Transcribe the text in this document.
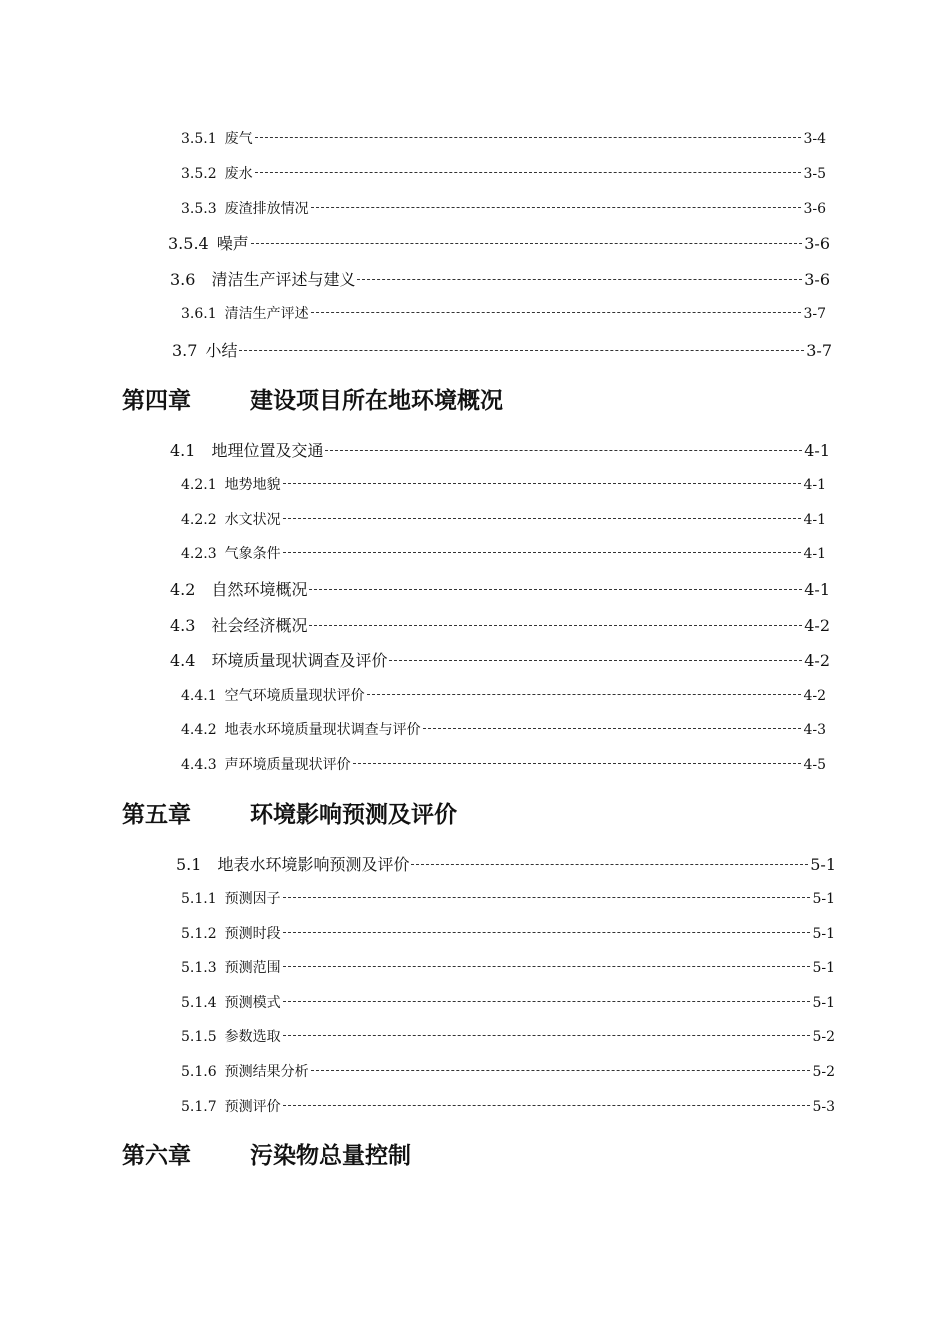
3.5.1 废气	3-4
3.5.2 废水	3-5
3.5.3 废渣排放情况	3-6
3.5.4 噪声	3-6
3.6 清洁生产评述与建义	3-6
3.6.1 清洁生产评述	3-7
3.7 小结	3-7
第四章	建设项目所在地环境概况
4.1 地理位置及交通	4-1
4.2.1 地势地貌	4-1
4.2.2 水文状况	4-1
4.2.3 气象条件	4-1
4.2 自然环境概况	4-1
4.3 社会经济概况	4-2
4.4 环境质量现状调查及评价	4-2
4.4.1 空气环境质量现状评价	4-2
4.4.2 地表水环境质量现状调查与评价	4-3
4.4.3 声环境质量现状评价	4-5
第五章	环境影响预测及评价
5.1 地表水环境影响预测及评价	5-1
5.1.1 预测因子	5-1
5.1.2 预测时段	5-1
5.1.3 预测范围	5-1
5.1.4 预测模式	5-1
5.1.5 参数选取	5-2
5.1.6 预测结果分析	5-2
5.1.7 预测评价	5-3
第六章	污染物总量控制
